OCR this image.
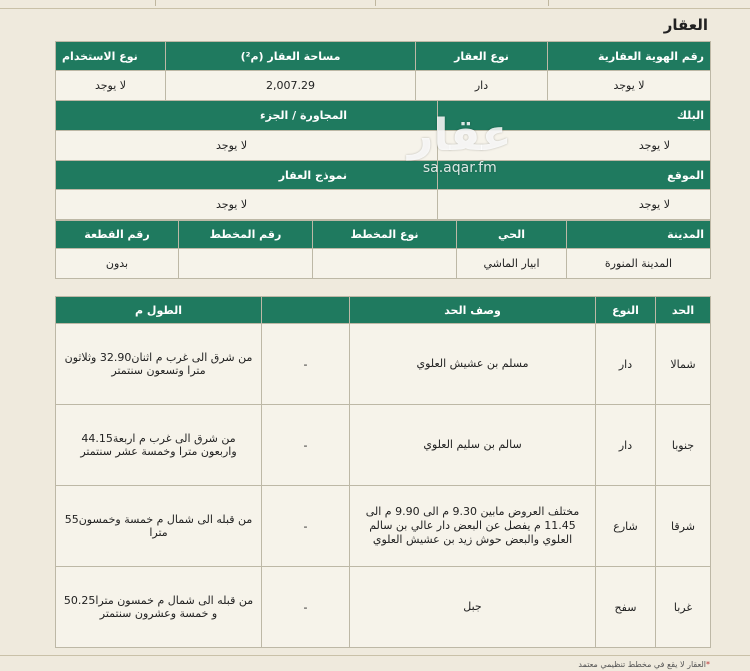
العقار
رقم الهوية العقارية	نوع العقار		مساحة العقار (م²)	نوع الاستخدام
لا يوجد	دار		2,007.29	لا يوجد
البلك		المجاورة / الجزء		
لا يوجد		لا يوجد		
الموقع		نموذج العقار		
لا يوجد		لا يوجد		
المدينة	الحي	نوع المخطط	رقم المخطط	رقم القطعة
المدينة المنورة	ابيار الماشي			بدون
عقار
sa.aqar.fm
الحد	النوع	وصف الحد		الطول م
شمالا	دار	مسلم بن عشيش العلوي	-	من شرق الى غرب م اثنان32.90 وثلاثون مترا وتسعون سنتمتر
جنوبا	دار	سالم بن سليم العلوي	-	من شرق الى غرب م اربعة44.15 واربعون مترا وخمسة عشر سنتمتر
شرقا	شارع	مختلف العروض مابين 9.30 م الى 9.90 م الى 11.45 م يفصل عن البعض دار عالي بن سالم العلوي والبعض حوش زيد بن عشيش العلوي	-	من قبله الى شمال م خمسة وخمسون55 مترا
غربا	سفح	جبل	-	من قبله الى شمال م خمسون مترا50.25 و خمسة وعشرون سنتمتر
*العقار لا يقع في مخطط تنظيمي معتمد
